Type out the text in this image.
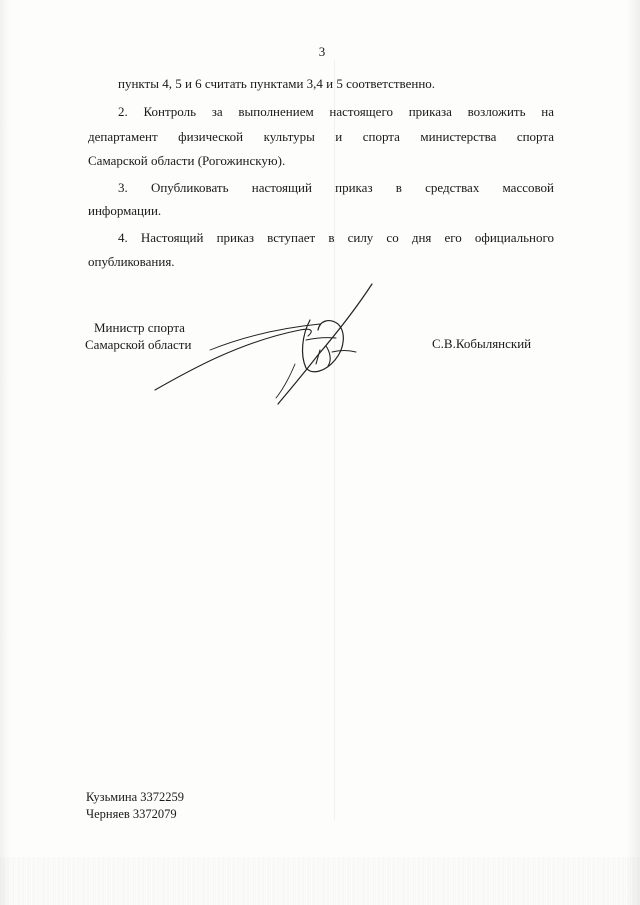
3
пункты 4, 5 и 6 считать пунктами 3,4 и 5 соответственно.
2. Контроль за выполнением настоящего приказа возложить на
департамент физической культуры и спорта министерства спорта
Самарской области (Рогожинскую).
3. Опубликовать настоящий приказ в средствах массовой
информации.
4. Настоящий приказ вступает в силу со дня его официального
опубликования.
Министр спорта
Самарской области	С.В.Кобылянский
Кузьмина 3372259
Черняев 3372079
